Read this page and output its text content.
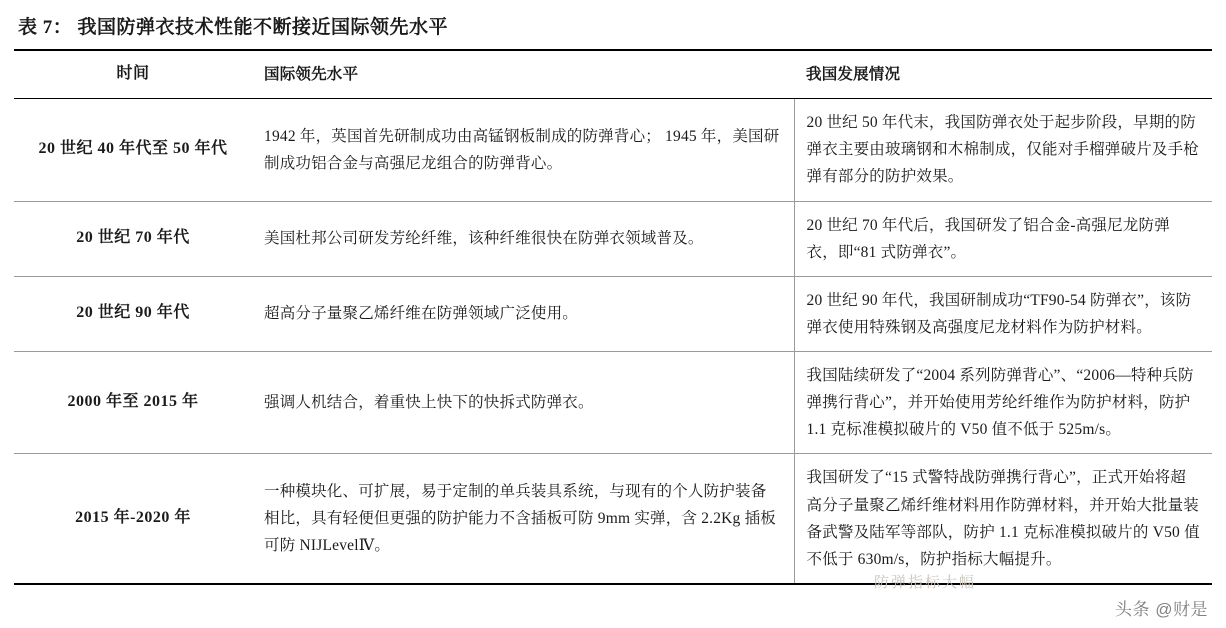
表 7： 我国防弹衣技术性能不断接近国际领先水平
时间	国际领先水平	我国发展情况
20 世纪 40 年代至 50 年代	1942 年，英国首先研制成功由高锰钢板制成的防弹背心； 1945 年，美国研制成功铝合金与高强尼龙组合的防弹背心。	20 世纪 50 年代末，我国防弹衣处于起步阶段，早期的防弹衣主要由玻璃钢和木棉制成，仅能对手榴弹破片及手枪弹有部分的防护效果。
20 世纪 70 年代	美国杜邦公司研发芳纶纤维，该种纤维很快在防弹衣领域普及。	20 世纪 70 年代后，我国研发了铝合金-高强尼龙防弹衣，即“81 式防弹衣”。
20 世纪 90 年代	超高分子量聚乙烯纤维在防弹领域广泛使用。	20 世纪 90 年代，我国研制成功“TF90-54 防弹衣”，该防弹衣使用特殊钢及高强度尼龙材料作为防护材料。
2000 年至 2015 年	强调人机结合，着重快上快下的快拆式防弹衣。	我国陆续研发了“2004 系列防弹背心”、“2006—特种兵防弹携行背心”，并开始使用芳纶纤维作为防护材料，防护 1.1 克标准模拟破片的 V50 值不低于 525m/s。
2015 年-2020 年	一种模块化、可扩展，易于定制的单兵装具系统，与现有的个人防护装备相比，具有轻便但更强的防护能力不含插板可防 9mm 实弹，含 2.2Kg 插板可防 NIJLevelⅣ。	我国研发了“15 式警特战防弹携行背心”，正式开始将超高分子量聚乙烯纤维材料用作防弹材料，并开始大批量装备武警及陆军等部队，防护 1.1 克标准模拟破片的 V50 值不低于 630m/s，防护指标大幅提升。
防弹指标大幅
头条 @财是
